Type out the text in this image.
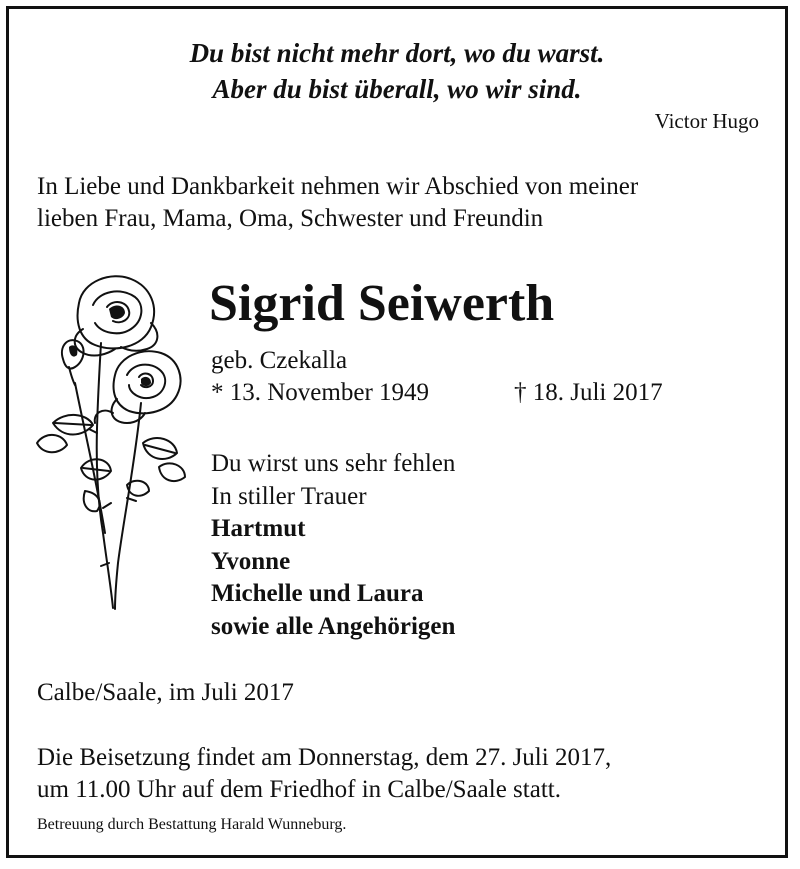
Du bist nicht mehr dort, wo du warst.
Aber du bist überall, wo wir sind.
Victor Hugo
In Liebe und Dankbarkeit nehmen wir Abschied von meiner
lieben Frau, Mama, Oma, Schwester und Freundin
Sigrid Seiwerth
geb. Czekalla
* 13. November 1949	† 18. Juli 2017
Du wirst uns sehr fehlen
In stiller Trauer
Hartmut
Yvonne
Michelle und Laura
sowie alle Angehörigen
Calbe/Saale, im Juli 2017
Die Beisetzung findet am Donnerstag, dem 27. Juli 2017,
um 11.00 Uhr auf dem Friedhof in Calbe/Saale statt.
Betreuung durch Bestattung Harald Wunneburg.
